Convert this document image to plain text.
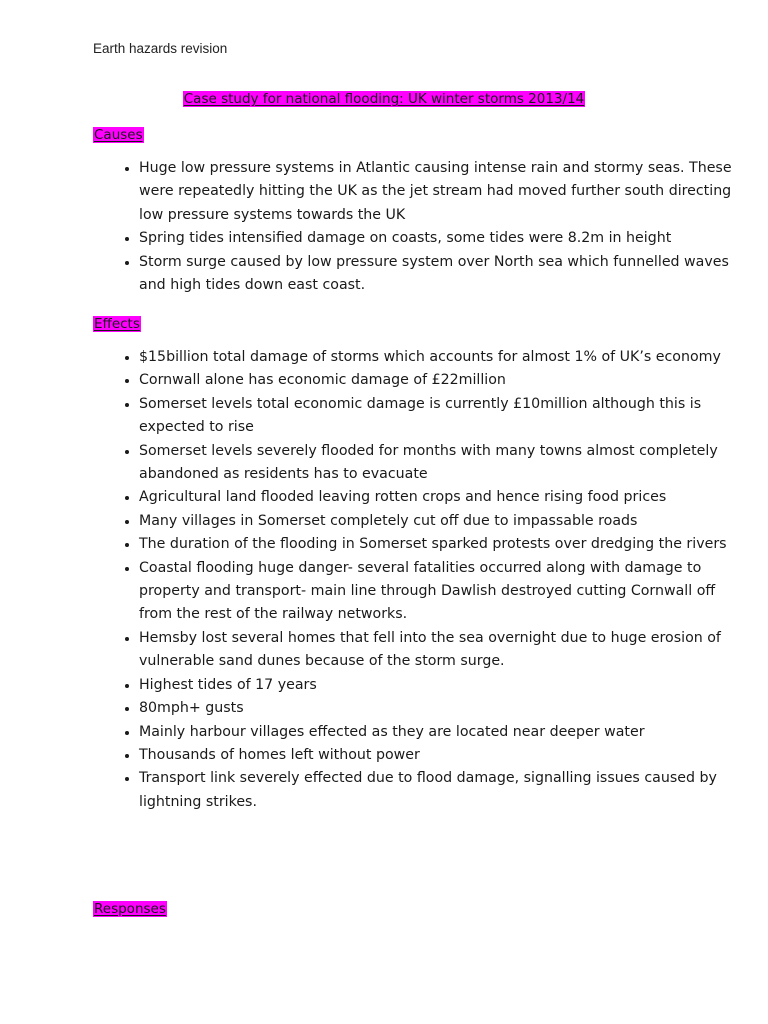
Earth hazards revision
Case study for national flooding: UK winter storms 2013/14
Causes
• Huge low pressure systems in Atlantic causing intense rain and stormy seas. These were repeatedly hitting the UK as the jet stream had moved further south directing low pressure systems towards the UK
• Spring tides intensified damage on coasts, some tides were 8.2m in height
• Storm surge caused by low pressure system over North sea which funnelled waves and high tides down east coast.
Effects
• $15billion total damage of storms which accounts for almost 1% of UK’s economy
• Cornwall alone has economic damage of £22million
• Somerset levels total economic damage is currently £10million although this is expected to rise
• Somerset levels severely flooded for months with many towns almost completely abandoned as residents has to evacuate
• Agricultural land flooded leaving rotten crops and hence rising food prices
• Many villages in Somerset completely cut off due to impassable roads
• The duration of the flooding in Somerset sparked protests over dredging the rivers
• Coastal flooding huge danger- several fatalities occurred along with damage to property and transport- main line through Dawlish destroyed cutting Cornwall off from the rest of the railway networks.
• Hemsby lost several homes that fell into the sea overnight due to huge erosion of vulnerable sand dunes because of the storm surge.
• Highest tides of 17 years
• 80mph+ gusts
• Mainly harbour villages effected as they are located near deeper water
• Thousands of homes left without power
• Transport link severely effected due to flood damage, signalling issues caused by lightning strikes.
Responses
